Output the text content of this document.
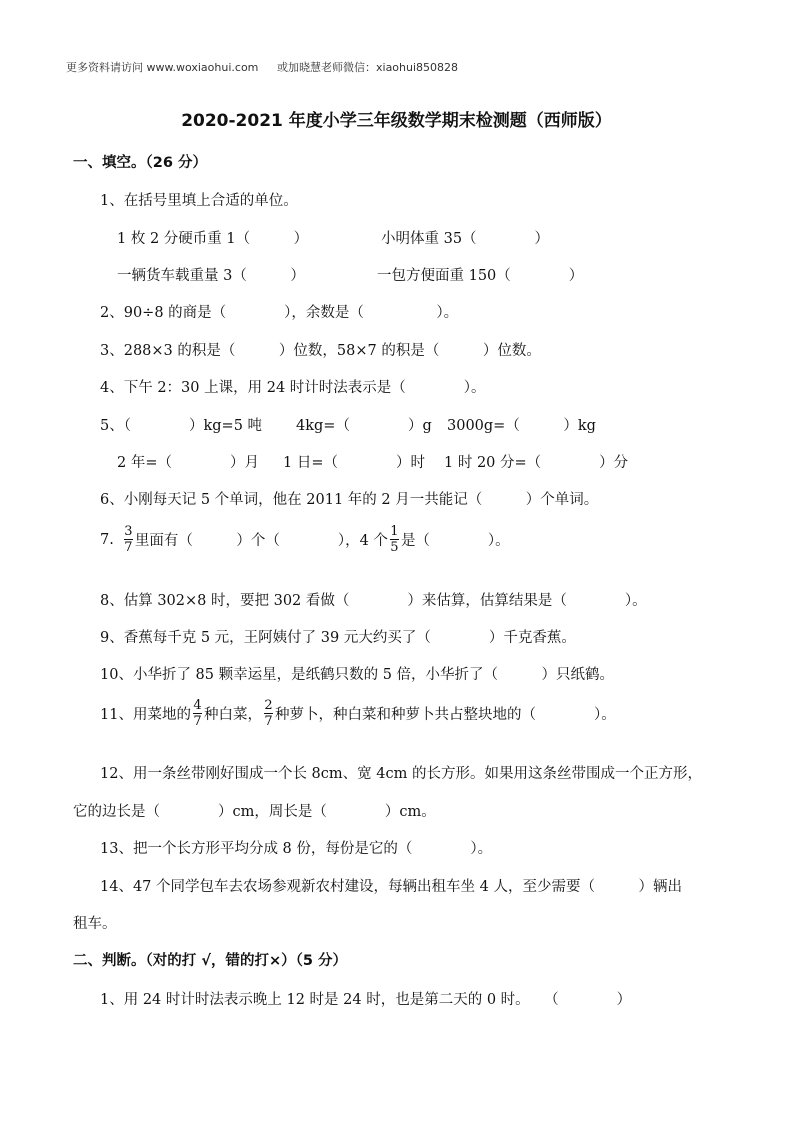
更多资料请访问 www.woxiaohui.com 或加晓慧老师微信：xiaohui850828
2020-2021 年度小学三年级数学期末检测题（西师版）
一、填空。（26 分）
1、在括号里填上合适的单位。
1 枚 2 分硬币重 1（　　　）	小明体重 35（　　　　）
一辆货车载重量 3（　　　）	一包方便面重 150（　　　　）
2、90÷8 的商是（　　　　），余数是（　　　　　）。
3、288×3 的积是（　　　）位数，58×7 的积是（　　　）位数。
4、下午 2：30 上课，用 24 时计时法表示是（　　　　）。
5、（　　　　）kg=5 吨 4kg=（　　　　）g 3000g=（　　　）kg
2 年=（　　　　）月 1 日=（　　　　）时 1 时 20 分=（　　　　）分
6、小刚每天记 5 个单词，他在 2011 年的 2 月一共能记（　　　）个单词。
7. $\frac{3}{7}$ 里面有（　　　）个（　　　　），4 个 $\frac{1}{5}$ 是（　　　　）。
8、估算 302×8 时，要把 302 看做（　　　　）来估算，估算结果是（　　　　）。
9、香蕉每千克 5 元，王阿姨付了 39 元大约买了（　　　　）千克香蕉。
10、小华折了 85 颗幸运星，是纸鹤只数的 5 倍，小华折了（　　　）只纸鹤。
11、用菜地的 $\frac{4}{7}$ 种白菜， $\frac{2}{7}$ 种萝卜，种白菜和种萝卜共占整块地的（　　　　）。
12、用一条丝带刚好围成一个长 8cm、宽 4cm 的长方形。如果用这条丝带围成一个正方形，
它的边长是（　　　　）cm，周长是（　　　　）cm。
13、把一个长方形平均分成 8 份，每份是它的（　　　　）。
14、47 个同学包车去农场参观新农村建设，每辆出租车坐 4 人，至少需要（　　　）辆出
租车。
二、判断。（对的打 √，错的打×）（5 分）
1、用 24 时计时法表示晚上 12 时是 24 时，也是第二天的 0 时。　　（　　　　）
